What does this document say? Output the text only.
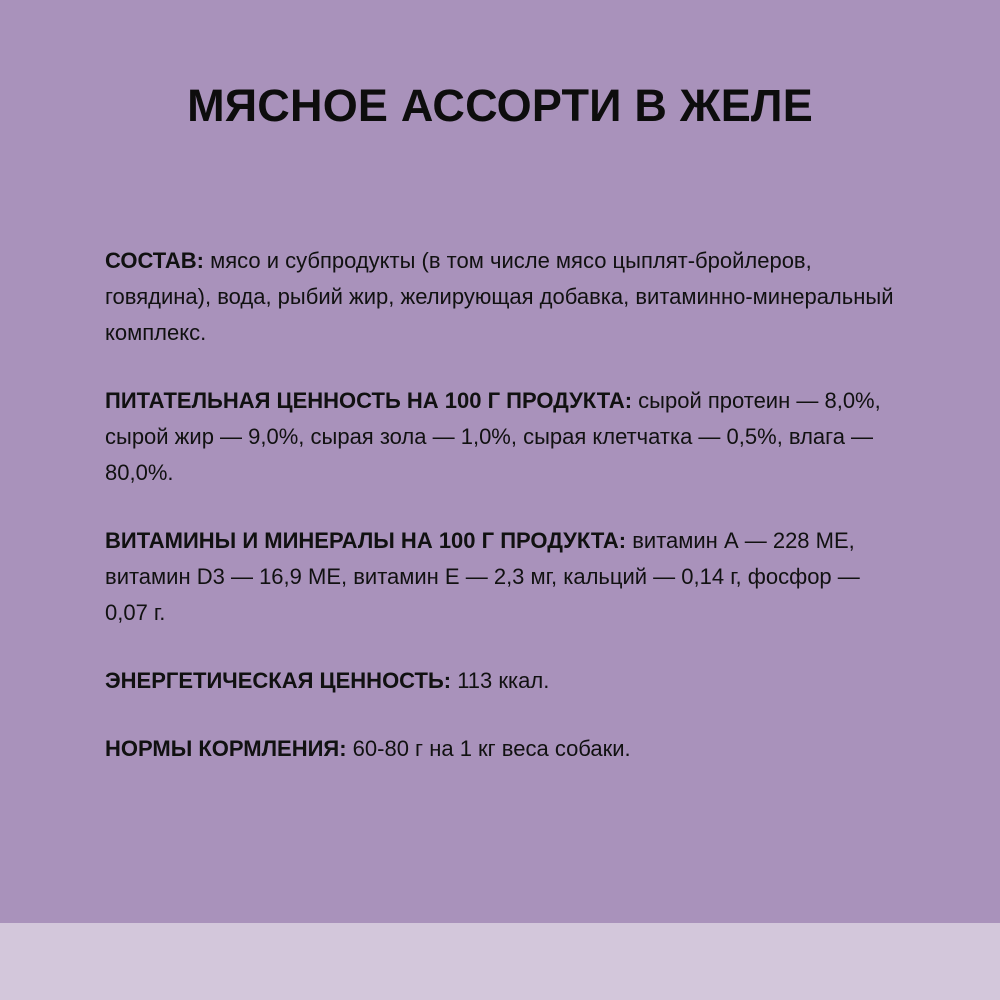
МЯСНОЕ АССОРТИ В ЖЕЛЕ

СОСТАВ: мясо и субпродукты (в том числе мясо цыплят-бройлеров, говядина), вода, рыбий жир, желирующая добавка, витаминно-минеральный комплекс.

ПИТАТЕЛЬНАЯ ЦЕННОСТЬ НА 100 Г ПРОДУКТА: сырой протеин — 8,0%, сырой жир — 9,0%, сырая зола — 1,0%, сырая клетчатка — 0,5%, влага — 80,0%.

ВИТАМИНЫ И МИНЕРАЛЫ НА 100 Г ПРОДУКТА: витамин А — 228 МЕ, витамин D3 — 16,9 МЕ, витамин Е — 2,3 мг, кальций — 0,14 г, фосфор — 0,07 г.

ЭНЕРГЕТИЧЕСКАЯ ЦЕННОСТЬ: 113 ккал.

НОРМЫ КОРМЛЕНИЯ: 60-80 г на 1 кг веса собаки.
